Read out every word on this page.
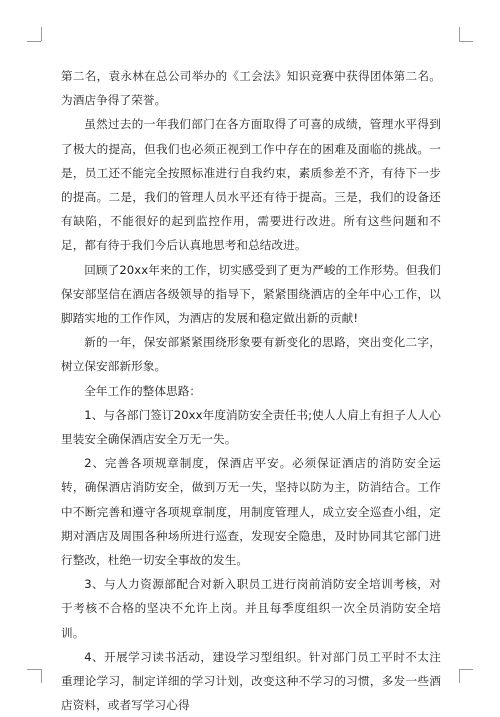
第二名，袁永林在总公司举办的《工会法》知识竞赛中获得团体第二名。为酒店争得了荣誉。

虽然过去的一年我们部门在各方面取得了可喜的成绩，管理水平得到了极大的提高，但我们也必须正视到工作中存在的困难及面临的挑战。一是，员工还不能完全按照标准进行自我约束，素质参差不齐，有待下一步的提高。二是，我们的管理人员水平还有待于提高。三是，我们的设备还有缺陷，不能很好的起到监控作用，需要进行改进。所有这些问题和不足，都有待于我们今后认真地思考和总结改进。

回顾了20xx年来的工作，切实感受到了更为严峻的工作形势。但我们保安部坚信在酒店各级领导的指导下，紧紧围绕酒店的全年中心工作，以脚踏实地的工作作风，为酒店的发展和稳定做出新的贡献!

新的一年，保安部紧紧围绕形象要有新变化的思路，突出变化二字，树立保安部新形象。

全年工作的整体思路：

1、与各部门签订20xx年度消防安全责任书;使人人肩上有担子人人心里装安全确保酒店安全万无一失。

2、完善各项规章制度，保酒店平安。必须保证酒店的消防安全运转，确保酒店消防安全，做到万无一失，坚持以防为主，防消结合。工作中不断完善和遵守各项规章制度，用制度管理人，成立安全巡查小组，定期对酒店及周围各种场所进行巡查，发现安全隐患，及时协同其它部门进行整改，杜绝一切安全事故的发生。

3、与人力资源部配合对新入职员工进行岗前消防安全培训考核，对于考核不合格的坚决不允许上岗。并且每季度组织一次全员消防安全培训。

4、开展学习读书活动，建设学习型组织。针对部门员工平时不太注重理论学习，制定详细的学习计划，改变这种不学习的习惯，多发一些酒店资料，或者写学习心得
